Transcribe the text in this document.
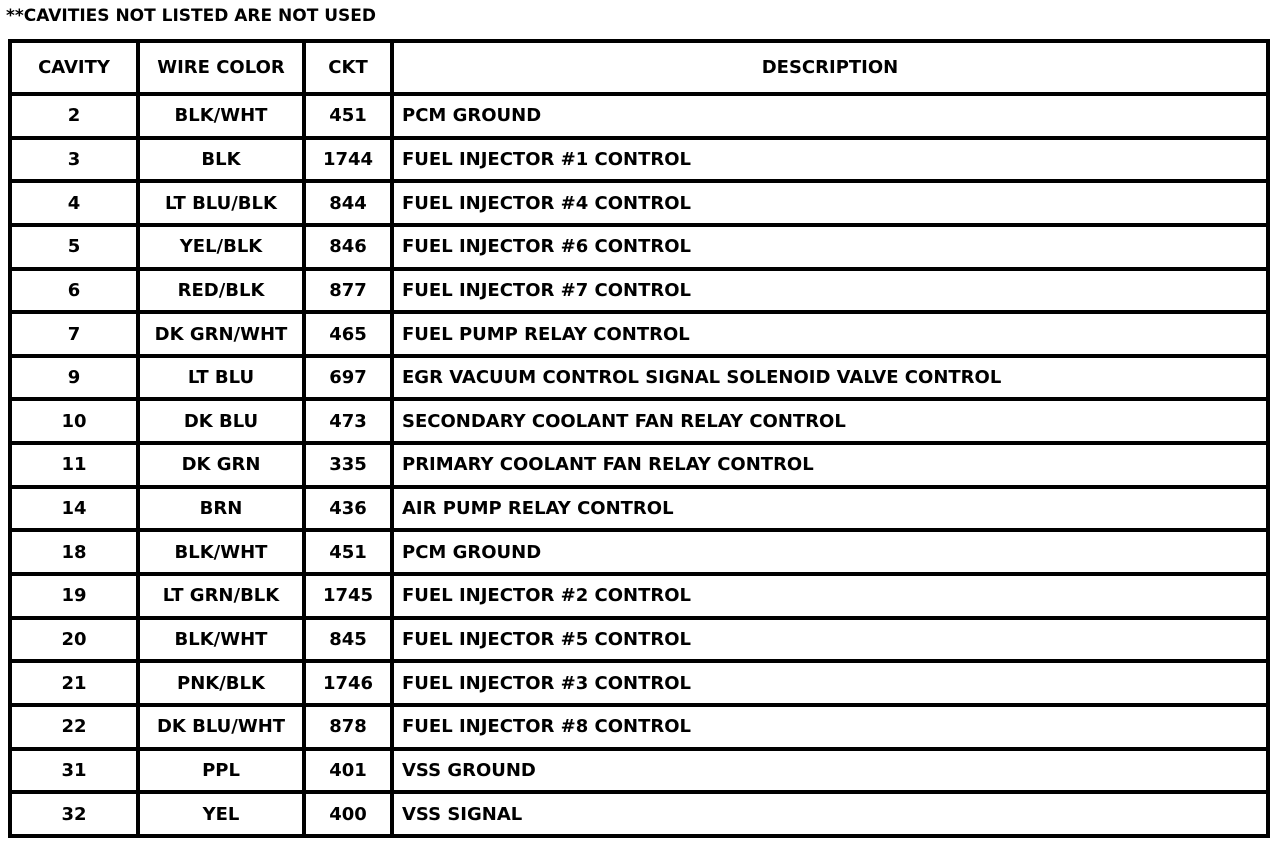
**CAVITIES NOT LISTED ARE NOT USED
CAVITY	WIRE COLOR	CKT	DESCRIPTION
2	BLK/WHT	451	PCM GROUND
3	BLK	1744	FUEL INJECTOR #1 CONTROL
4	LT BLU/BLK	844	FUEL INJECTOR #4 CONTROL
5	YEL/BLK	846	FUEL INJECTOR #6 CONTROL
6	RED/BLK	877	FUEL INJECTOR #7 CONTROL
7	DK GRN/WHT	465	FUEL PUMP RELAY CONTROL
9	LT BLU	697	EGR VACUUM CONTROL SIGNAL SOLENOID VALVE CONTROL
10	DK BLU	473	SECONDARY COOLANT FAN RELAY CONTROL
11	DK GRN	335	PRIMARY COOLANT FAN RELAY CONTROL
14	BRN	436	AIR PUMP RELAY CONTROL
18	BLK/WHT	451	PCM GROUND
19	LT GRN/BLK	1745	FUEL INJECTOR #2 CONTROL
20	BLK/WHT	845	FUEL INJECTOR #5 CONTROL
21	PNK/BLK	1746	FUEL INJECTOR #3 CONTROL
22	DK BLU/WHT	878	FUEL INJECTOR #8 CONTROL
31	PPL	401	VSS GROUND
32	YEL	400	VSS SIGNAL
